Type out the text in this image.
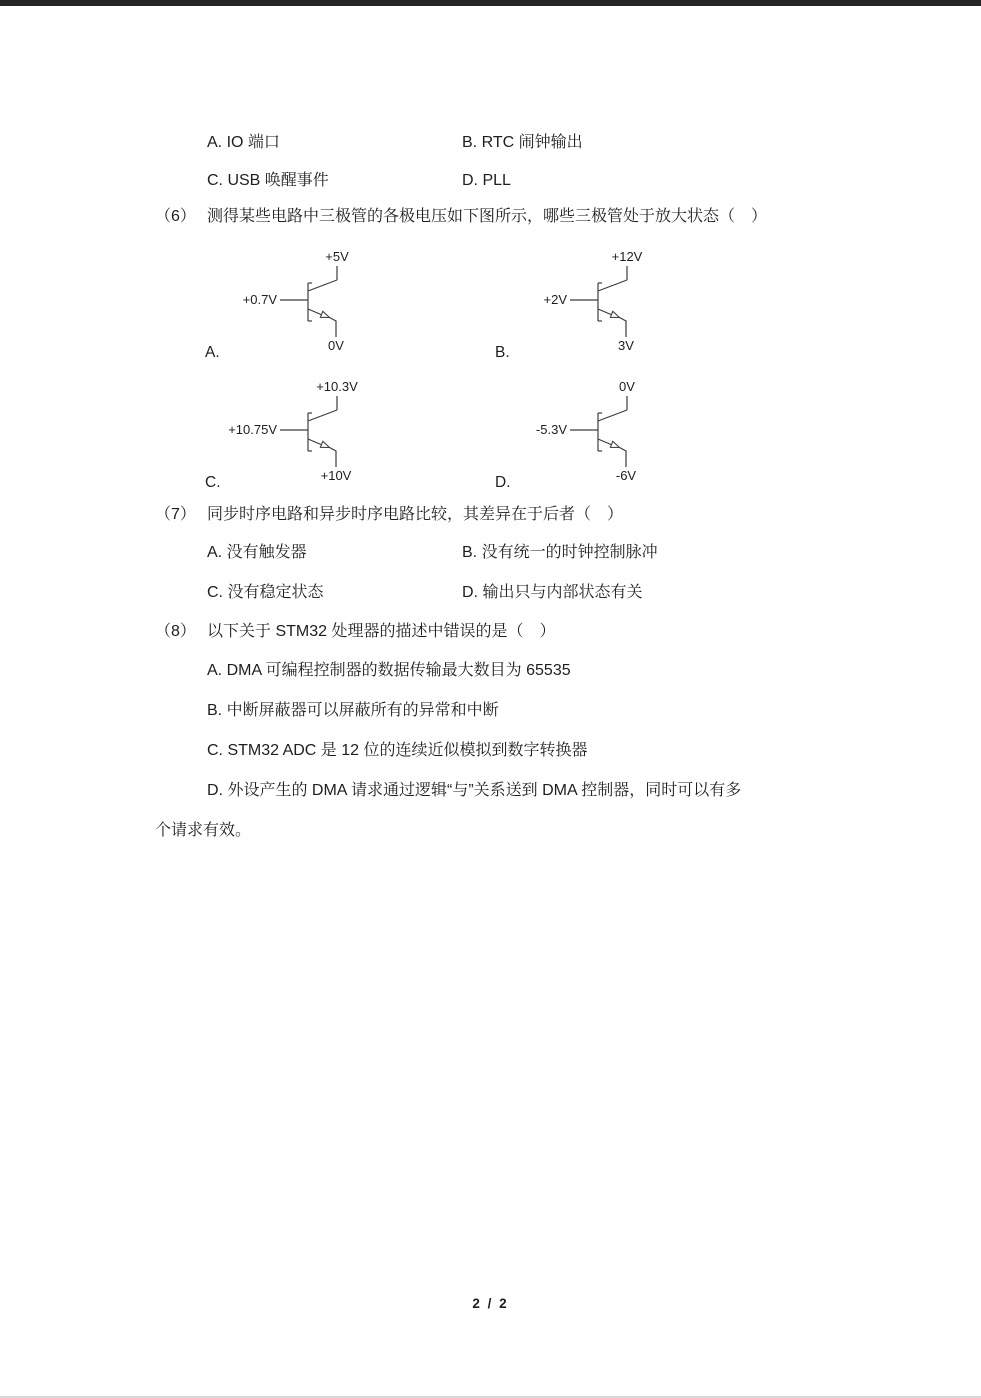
A. IO 端口	B. RTC 闹钟输出
C. USB 唤醒事件	D. PLL
（6） 测得某些电路中三极管的各极电压如下图所示，哪些三极管处于放大状态（　）
+5V
+0.7V
0V
A.
+12V
+2V
3V
B.
+10.3V
+10.75V
+10V
C.
0V
-5.3V
-6V
D.
（7） 同步时序电路和异步时序电路比较，其差异在于后者（　）
A. 没有触发器	B. 没有统一的时钟控制脉冲
C. 没有稳定状态	D. 输出只与内部状态有关
（8） 以下关于 STM32 处理器的描述中错误的是（　）
A. DMA 可编程控制器的数据传输最大数目为 65535
B. 中断屏蔽器可以屏蔽所有的异常和中断
C. STM32 ADC 是 12 位的连续近似模拟到数字转换器
D. 外设产生的 DMA 请求通过逻辑“与”关系送到 DMA 控制器，同时可以有多
个请求有效。
2 / 2
